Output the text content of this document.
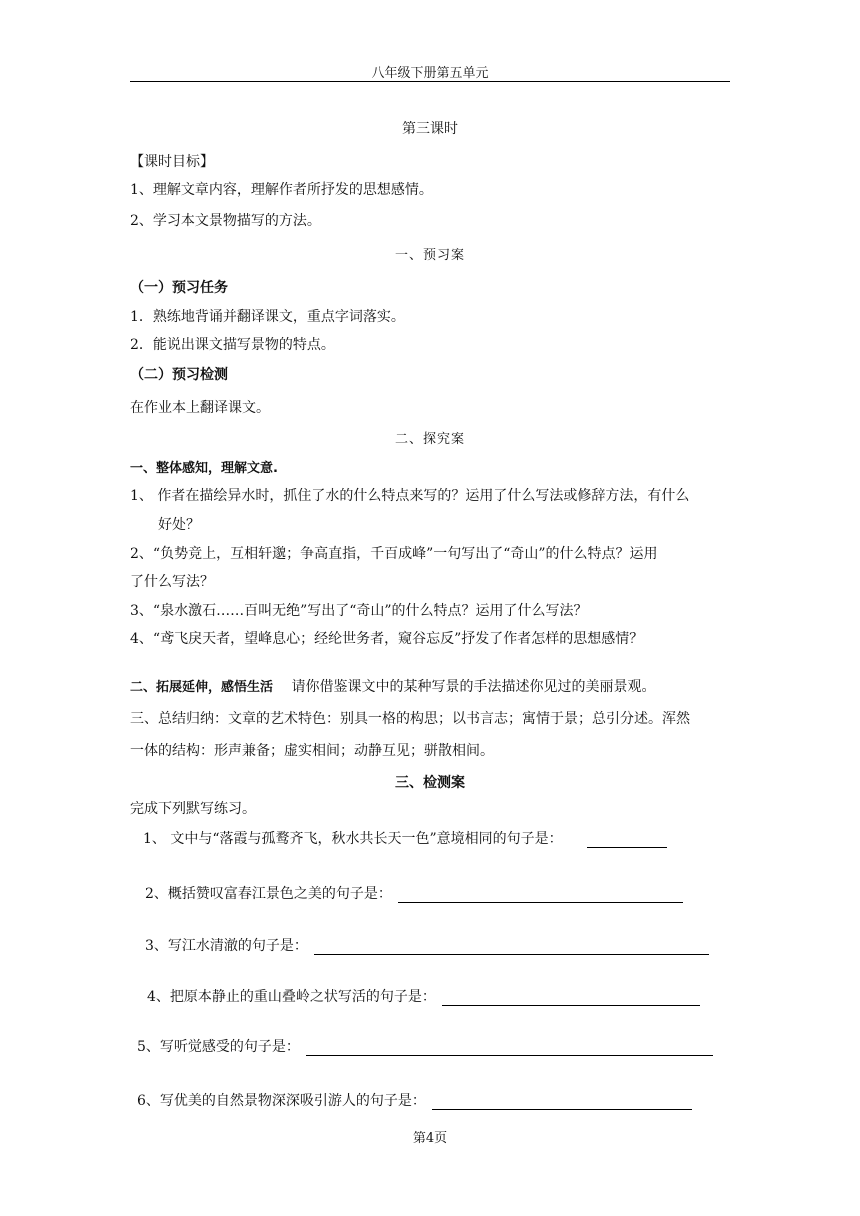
八年级下册第五单元
第三课时
【课时目标】
1、理解文章内容，理解作者所抒发的思想感情。
2、学习本文景物描写的方法。
一、预习案
（一）预习任务
1．熟练地背诵并翻译课文，重点字词落实。
2．能说出课文描写景物的特点。
（二）预习检测
在作业本上翻译课文。
二、探究案
一、整体感知，理解文意.
1、 作者在描绘异水时，抓住了水的什么特点来写的？运用了什么写法或修辞方法，有什么
好处？
2、“负势竞上，互相轩邈；争高直指，千百成峰”一句写出了“奇山”的什么特点？运用
了什么写法？
3、“泉水激石……百叫无绝”写出了“奇山”的什么特点？运用了什么写法？
4、“鸢飞戾天者，望峰息心；经纶世务者，窥谷忘反”抒发了作者怎样的思想感情？
二、拓展延伸，感悟生活 请你借鉴课文中的某种写景的手法描述你见过的美丽景观。
三、总结归纳：文章的艺术特色：别具一格的构思；以书言志；寓情于景；总引分述。浑然
一体的结构：形声兼备；虚实相间；动静互见；骈散相间。
三、检测案
完成下列默写练习。
1、 文中与“落霞与孤鹜齐飞，秋水共长天一色”意境相同的句子是：
2、概括赞叹富春江景色之美的句子是：
3、写江水清澈的句子是：
4、把原本静止的重山叠岭之状写活的句子是：
5、写听觉感受的句子是：
6、写优美的自然景物深深吸引游人的句子是：
第4页
